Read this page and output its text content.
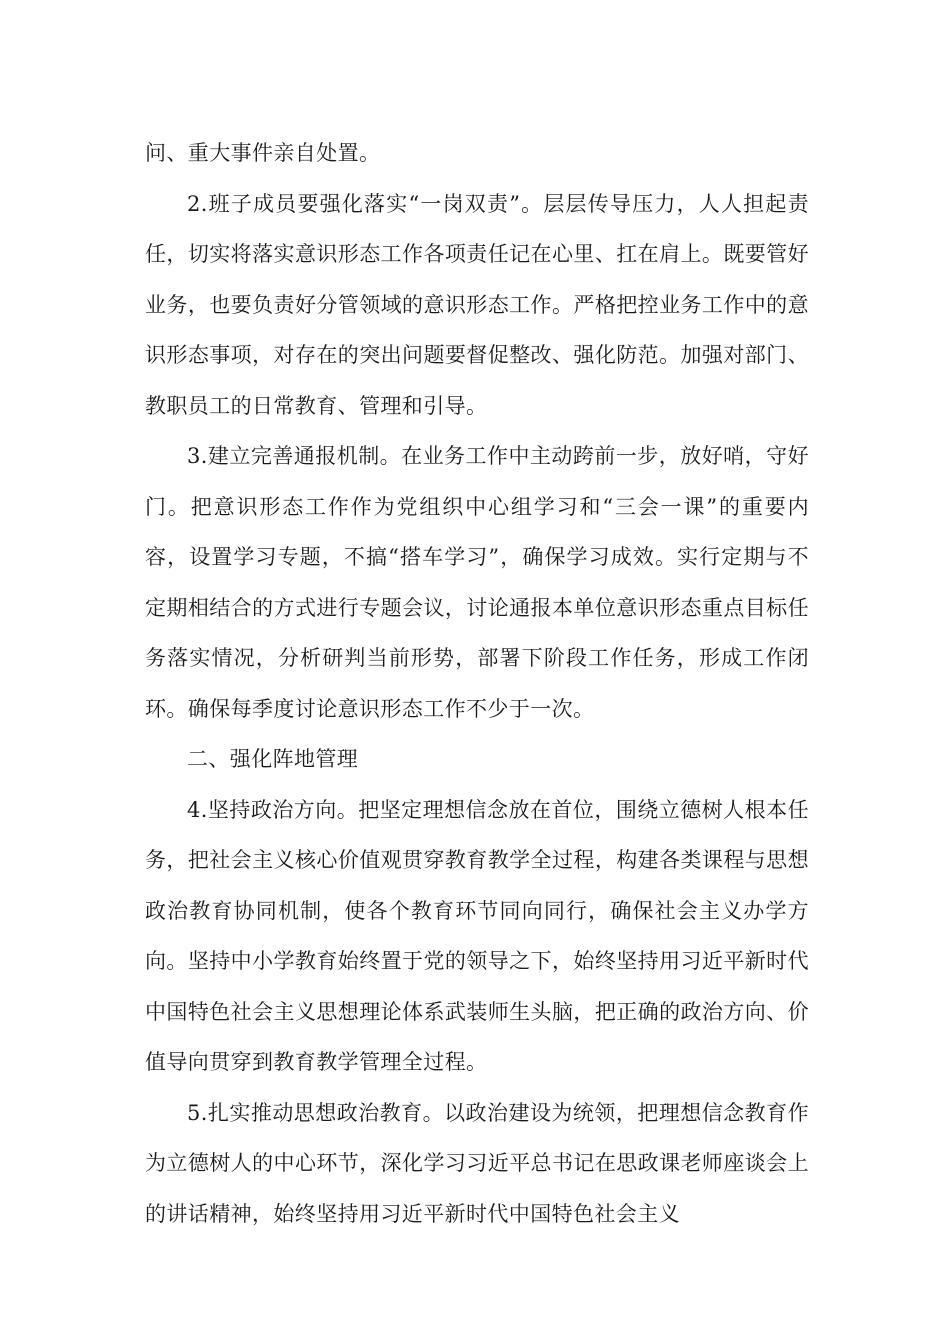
问、重大事件亲自处置。

2.班子成员要强化落实“一岗双责”。层层传导压力，人人担起责任，切实将落实意识形态工作各项责任记在心里、扛在肩上。既要管好业务，也要负责好分管领域的意识形态工作。严格把控业务工作中的意识形态事项，对存在的突出问题要督促整改、强化防范。加强对部门、教职员工的日常教育、管理和引导。

3.建立完善通报机制。在业务工作中主动跨前一步，放好哨，守好门。把意识形态工作作为党组织中心组学习和“三会一课”的重要内容，设置学习专题，不搞“搭车学习”，确保学习成效。实行定期与不定期相结合的方式进行专题会议，讨论通报本单位意识形态重点目标任务落实情况，分析研判当前形势，部署下阶段工作任务，形成工作闭环。确保每季度讨论意识形态工作不少于一次。

二、强化阵地管理

4.坚持政治方向。把坚定理想信念放在首位，围绕立德树人根本任务，把社会主义核心价值观贯穿教育教学全过程，构建各类课程与思想政治教育协同机制，使各个教育环节同向同行，确保社会主义办学方向。坚持中小学教育始终置于党的领导之下，始终坚持用习近平新时代中国特色社会主义思想理论体系武装师生头脑，把正确的政治方向、价值导向贯穿到教育教学管理全过程。

5.扎实推动思想政治教育。以政治建设为统领，把理想信念教育作为立德树人的中心环节，深化学习习近平总书记在思政课老师座谈会上的讲话精神，始终坚持用习近平新时代中国特色社会主义
